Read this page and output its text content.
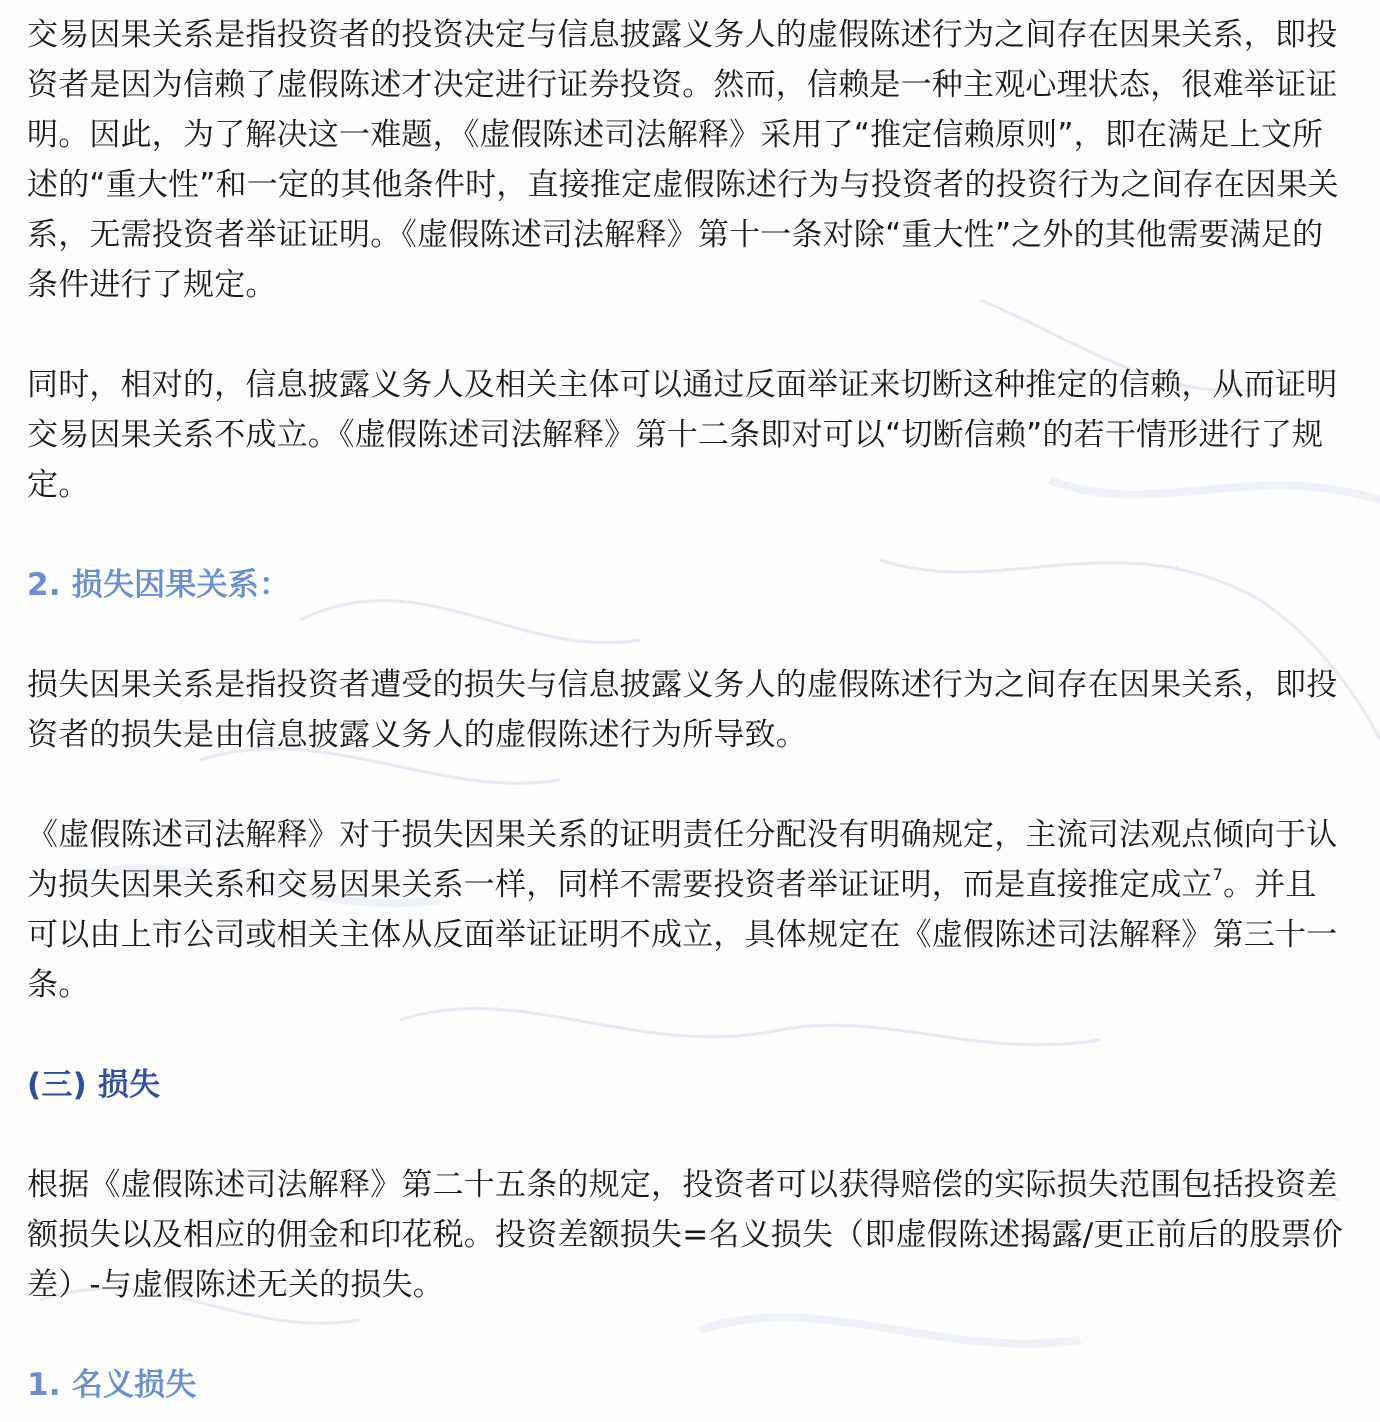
交易因果关系是指投资者的投资决定与信息披露义务人的虚假陈述行为之间存在因果关系，即投资者是因为信赖了虚假陈述才决定进行证券投资。然而，信赖是一种主观心理状态，很难举证证明。因此，为了解决这一难题，《虚假陈述司法解释》采用了“推定信赖原则”，即在满足上文所述的“重大性”和一定的其他条件时，直接推定虚假陈述行为与投资者的投资行为之间存在因果关系，无需投资者举证证明。《虚假陈述司法解释》第十一条对除“重大性”之外的其他需要满足的条件进行了规定。

同时，相对的，信息披露义务人及相关主体可以通过反面举证来切断这种推定的信赖，从而证明交易因果关系不成立。《虚假陈述司法解释》第十二条即对可以“切断信赖”的若干情形进行了规定。

2. 损失因果关系：

损失因果关系是指投资者遭受的损失与信息披露义务人的虚假陈述行为之间存在因果关系，即投资者的损失是由信息披露义务人的虚假陈述行为所导致。

《虚假陈述司法解释》对于损失因果关系的证明责任分配没有明确规定，主流司法观点倾向于认为损失因果关系和交易因果关系一样，同样不需要投资者举证证明，而是直接推定成立$^7$。并且可以由上市公司或相关主体从反面举证证明不成立，具体规定在《虚假陈述司法解释》第三十一条。

(三) 损失

根据《虚假陈述司法解释》第二十五条的规定，投资者可以获得赔偿的实际损失范围包括投资差额损失以及相应的佣金和印花税。投资差额损失=名义损失（即虚假陈述揭露/更正前后的股票价差）-与虚假陈述无关的损失。

1. 名义损失
